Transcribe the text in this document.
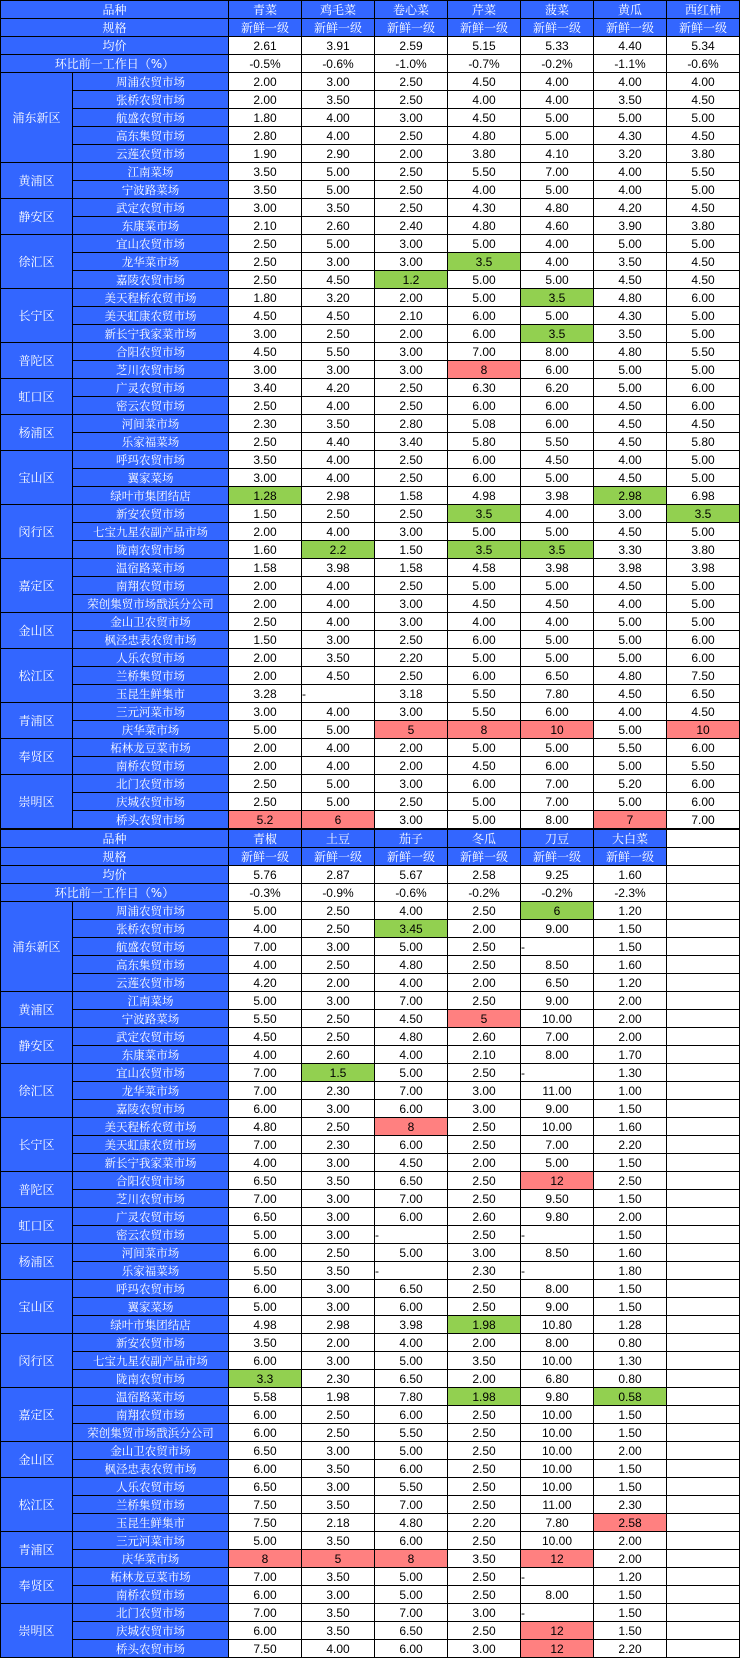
品种		青菜	鸡毛菜	卷心菜	芹菜	菠菜	黄瓜	西红柿
规格		新鲜一级	新鲜一级	新鲜一级	新鲜一级	新鲜一级	新鲜一级	新鲜一级
均价		2.61	3.91	2.59	5.15	5.33	4.40	5.34
环比前一工作日（%）		-0.5%	-0.6%	-1.0%	-0.7%	-0.2%	-1.1%	-0.6%
浦东新区	周浦农贸市场	2.00	3.00	2.50	4.50	4.00	4.00	4.00
	张桥农贸市场	2.00	3.50	2.50	4.00	4.00	3.50	4.50
	航盛农贸市场	1.80	4.00	3.00	4.50	5.00	5.00	5.00
	高东集贸市场	2.80	4.00	2.50	4.80	5.00	4.30	4.50
	云莲农贸市场	1.90	2.90	2.00	3.80	4.10	3.20	3.80
黄浦区	江南菜场	3.50	5.00	2.50	5.50	7.00	4.00	5.50
	宁波路菜场	3.50	5.00	2.50	4.00	5.00	4.00	5.00
静安区	武定农贸市场	3.00	3.50	2.50	4.30	4.80	4.20	4.50
	东康菜市场	2.10	2.60	2.40	4.80	4.60	3.90	3.80
徐汇区	宜山农贸市场	2.50	5.00	3.00	5.00	4.00	5.00	5.00
	龙华菜市场	2.50	3.00	3.00	3.5	4.00	3.50	4.50
	嘉陵农贸市场	2.50	4.50	1.2	5.00	5.00	4.50	4.50
长宁区	美天程桥农贸市场	1.80	3.20	2.00	5.00	3.5	4.80	6.00
	美天虹康农贸市场	4.50	4.50	2.10	6.00	5.00	4.30	5.00
	新长宁我家菜市场	3.00	2.50	2.00	6.00	3.5	3.50	5.00
普陀区	合阳农贸市场	4.50	5.50	3.00	7.00	8.00	4.80	5.50
	芝川农贸市场	3.00	3.00	3.00	8	6.00	5.00	5.00
虹口区	广灵农贸市场	3.40	4.20	2.50	6.30	6.20	5.00	6.00
	密云农贸市场	2.50	4.00	2.50	6.00	6.00	4.50	6.00
杨浦区	河间菜市场	2.30	3.50	2.80	5.08	6.00	4.50	4.50
	乐家福菜场	2.50	4.40	3.40	5.80	5.50	4.50	5.80
宝山区	呼玛农贸市场	3.50	4.00	2.50	6.00	4.50	4.00	5.00
	翼家菜场	3.00	4.00	2.50	6.00	5.00	4.50	5.00
	绿叶市集团结店	1.28	2.98	1.58	4.98	3.98	2.98	6.98
闵行区	新安农贸市场	1.50	2.50	2.50	3.5	4.00	3.00	3.5
	七宝九星农副产品市场	2.00	4.00	3.00	5.00	5.00	4.50	5.00
	陇南农贸市场	1.60	2.2	1.50	3.5	3.5	3.30	3.80
嘉定区	温宿路菜市场	1.58	3.98	1.58	4.58	3.98	3.98	3.98
	南翔农贸市场	2.00	4.00	2.50	5.00	5.00	4.50	5.00
	荣创集贸市场戬浜分公司	2.00	4.00	3.00	4.50	4.50	4.00	5.00
金山区	金山卫农贸市场	2.50	4.00	3.00	4.00	4.00	5.00	5.00
	枫泾忠表农贸市场	1.50	3.00	2.50	6.00	5.00	5.00	6.00
松江区	人乐农贸市场	2.00	3.50	2.20	5.00	5.00	5.00	6.00
	兰桥集贸市场	2.00	4.50	2.50	6.00	6.50	4.80	7.50
	玉昆生鲜集市	3.28	-	3.18	5.50	7.80	4.50	6.50
青浦区	三元河菜市场	3.00	4.00	3.00	5.50	6.00	4.00	4.50
	庆华菜市场	5.00	5.00	5	8	10	5.00	10
奉贤区	柘林龙豆菜市场	2.00	4.00	2.00	5.00	5.00	5.50	6.00
	南桥农贸市场	2.00	4.00	2.00	4.50	6.00	5.00	5.50
崇明区	北门农贸市场	2.50	5.00	3.00	6.00	7.00	5.20	6.00
	庆城农贸市场	2.50	5.00	2.50	5.00	7.00	5.00	6.00
	桥头农贸市场	5.2	6	3.00	5.00	8.00	7	7.00
品种		青椒	土豆	茄子	冬瓜	刀豆	大白菜	
规格		新鲜一级	新鲜一级	新鲜一级	新鲜一级	新鲜一级	新鲜一级	
均价		5.76	2.87	5.67	2.58	9.25	1.60	
环比前一工作日（%）		-0.3%	-0.9%	-0.6%	-0.2%	-0.2%	-2.3%	
浦东新区	周浦农贸市场	5.00	2.50	4.00	2.50	6	1.20	
	张桥农贸市场	4.00	2.50	3.45	2.00	9.00	1.50	
	航盛农贸市场	7.00	3.00	5.00	2.50	-	1.50	
	高东集贸市场	4.00	2.50	4.80	2.50	8.50	1.60	
	云莲农贸市场	4.20	2.00	4.00	2.00	6.50	1.20	
黄浦区	江南菜场	5.00	3.00	7.00	2.50	9.00	2.00	
	宁波路菜场	5.50	2.50	4.50	5	10.00	2.00	
静安区	武定农贸市场	4.50	2.50	4.80	2.60	7.00	2.00	
	东康菜市场	4.00	2.60	4.00	2.10	8.00	1.70	
徐汇区	宜山农贸市场	7.00	1.5	5.00	2.50	-	1.30	
	龙华菜市场	7.00	2.30	7.00	3.00	11.00	1.00	
	嘉陵农贸市场	6.00	3.00	6.00	3.00	9.00	1.50	
长宁区	美天程桥农贸市场	4.80	2.50	8	2.50	10.00	1.60	
	美天虹康农贸市场	7.00	2.30	6.00	2.50	7.00	2.20	
	新长宁我家菜市场	4.00	3.00	4.50	2.00	5.00	1.50	
普陀区	合阳农贸市场	6.50	3.50	6.50	2.50	12	2.50	
	芝川农贸市场	7.00	3.00	7.00	2.50	9.50	1.50	
虹口区	广灵农贸市场	6.50	3.00	6.00	2.60	9.80	2.00	
	密云农贸市场	5.00	3.00	-	2.50	-	1.50	
杨浦区	河间菜市场	6.00	2.50	5.00	3.00	8.50	1.60	
	乐家福菜场	5.50	3.50	-	2.30	-	1.80	
宝山区	呼玛农贸市场	6.00	3.00	6.50	2.50	8.00	1.50	
	翼家菜场	5.00	3.00	6.00	2.50	9.00	1.50	
	绿叶市集团结店	4.98	2.98	3.98	1.98	10.80	1.28	
闵行区	新安农贸市场	3.50	2.00	4.00	2.00	8.00	0.80	
	七宝九星农副产品市场	6.00	3.00	5.00	3.50	10.00	1.30	
	陇南农贸市场	3.3	2.30	6.50	2.00	6.80	0.80	
嘉定区	温宿路菜市场	5.58	1.98	7.80	1.98	9.80	0.58	
	南翔农贸市场	6.00	2.50	6.00	2.50	10.00	1.50	
	荣创集贸市场戬浜分公司	6.00	2.50	5.50	2.50	10.00	1.50	
金山区	金山卫农贸市场	6.50	3.00	5.00	2.50	10.00	2.00	
	枫泾忠表农贸市场	6.00	3.50	6.00	2.50	10.00	1.50	
松江区	人乐农贸市场	6.50	3.00	5.50	2.50	10.00	1.50	
	兰桥集贸市场	7.50	3.50	7.00	2.50	11.00	2.30	
	玉昆生鲜集市	7.50	2.18	4.80	2.20	7.80	2.58	
青浦区	三元河菜市场	5.00	3.50	6.00	2.50	10.00	2.00	
	庆华菜市场	8	5	8	3.50	12	2.00	
奉贤区	柘林龙豆菜市场	7.00	3.50	5.00	2.50	-	1.20	
	南桥农贸市场	6.00	3.00	5.00	2.50	8.00	1.50	
崇明区	北门农贸市场	7.00	3.50	7.00	3.00	-	1.50	
	庆城农贸市场	6.00	3.50	6.50	2.50	12	1.50	
	桥头农贸市场	7.50	4.00	6.00	3.00	12	2.20	
